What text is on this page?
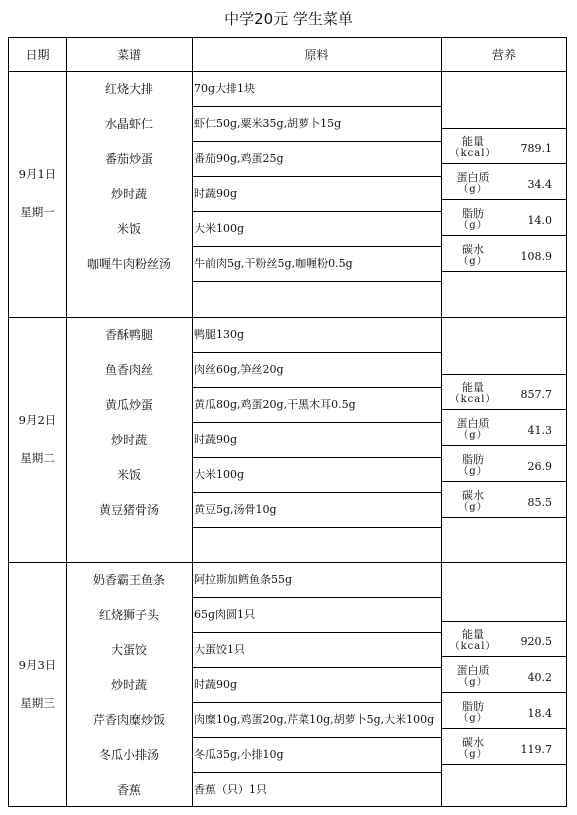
中学20元 学生菜单
日期	菜谱	原料	营养
9月1日
星期一
红烧大排	70g大排1块
水晶虾仁	虾仁50g,粟米35g,胡萝卜15g
番茄炒蛋	番茄90g,鸡蛋25g
炒时蔬	时蔬90g
米饭	大米100g
咖喱牛肉粉丝汤	牛前肉5g,干粉丝5g,咖喱粉0.5g
能量
（kcal）	789.1
蛋白质
（g）	34.4
脂肪
（g）	14.0
碳水
（g）	108.9
9月2日
星期二
香酥鸭腿	鸭腿130g
鱼香肉丝	肉丝60g,笋丝20g
黄瓜炒蛋	黄瓜80g,鸡蛋20g,干黑木耳0.5g
炒时蔬	时蔬90g
米饭	大米100g
黄豆猪骨汤	黄豆5g,汤骨10g
能量
（kcal）	857.7
蛋白质
（g）	41.3
脂肪
（g）	26.9
碳水
（g）	85.5
9月3日
星期三
奶香霸王鱼条	阿拉斯加鳕鱼条55g
红烧狮子头	65g肉圆1只
大蛋饺	大蛋饺1只
炒时蔬	时蔬90g
芹香肉糜炒饭	肉糜10g,鸡蛋20g,芹菜10g,胡萝卜5g,大米100g
冬瓜小排汤	冬瓜35g,小排10g
香蕉	香蕉（只）1只
能量
（kcal）	920.5
蛋白质
（g）	40.2
脂肪
（g）	18.4
碳水
（g）	119.7
